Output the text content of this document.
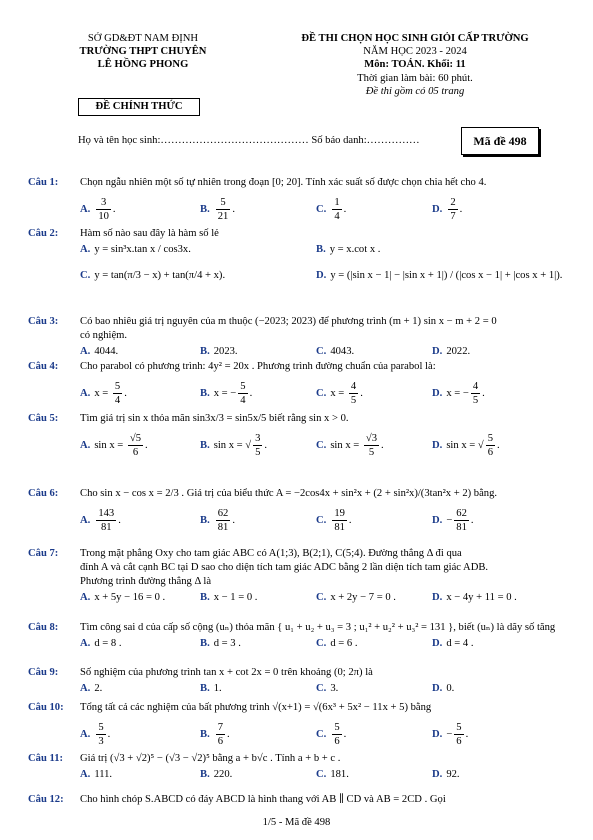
SỞ GD&ĐT NAM ĐỊNH
TRƯỜNG THPT CHUYÊN
LÊ HỒNG PHONG
ĐỀ THI CHỌN HỌC SINH GIỎI CẤP TRƯỜNG
NĂM HỌC 2023 - 2024
Môn: TOÁN. Khối: 11
Thời gian làm bài: 60 phút.
Đề thi gồm có 05 trang
ĐỀ CHÍNH THỨC
Họ và tên học sinh:…………………………………… Số báo danh:……………	Mã đề 498
Câu 1: Chọn ngẫu nhiên một số tự nhiên trong đoạn [0; 20]. Tính xác suất số được chọn chia hết cho 4.
A. $\frac{3}{10}$ .	B. $\frac{5}{21}$ .	C. $\frac{1}{4}$ .	D. $\frac{2}{7}$ .
Câu 2: Hàm số nào sau đây là hàm số lẻ
A. y = sin³x.tan x / cos3x.	B. y = x.cot x .
C. y = tan(π/3 − x) + tan(π/4 + x).	D. y = (|sin x − 1| − |sin x + 1|) / (|cos x − 1| + |cos x + 1|).
Câu 3: Có bao nhiêu giá trị nguyên của m thuộc (−2023; 2023) để phương trình (m + 1) sin x − m + 2 = 0
có nghiệm.
A. 4044.	B. 2023.	C. 4043.	D. 2022.
Câu 4: Cho parabol có phương trình: 4y² = 20x . Phương trình đường chuẩn của parabol là:
A. $x = \frac{5}{4}$ .	B. x = − $\frac{5}{4}$ .	C. $x = \frac{4}{5}$ .	D. x = − $\frac{4}{5}$ .
Câu 5: Tìm giá trị sin x thỏa mãn sin3x/3 = sin5x/5 biết rằng sin x > 0.
A. $\sin x = \frac{√5}{6}$ .	B. sin x = √ $\frac{3}{5}$ .	C. $\sin x = \frac{√3}{5}$ .	D. sin x = √ $\frac{5}{6}$ .
Câu 6: Cho sin x − cos x = 2/3 . Giá trị của biểu thức A = −2cos4x + sin²x + (2 + sin²x)/(3tan²x + 2) bằng.
A. $\frac{143}{81}$ .	B. $\frac{62}{81}$ .	C. $\frac{19}{81}$ .	D. − $\frac{62}{81}$ .
Câu 7: Trong mặt phẳng Oxy cho tam giác ABC có A(1;3), B(2;1), C(5;4). Đường thẳng Δ đi qua
đỉnh A và cắt cạnh BC tại D sao cho diện tích tam giác ADC bằng 2 lần diện tích tam giác ADB.
Phương trình đường thẳng Δ là
A. x + 5y − 16 = 0 .	B. x − 1 = 0 .	C. x + 2y − 7 = 0 .	D. x − 4y + 11 = 0 .
Câu 8: Tìm công sai d của cấp số cộng (uₙ) thỏa mãn { u₁ + u₂ + u₃ = 3 ; u₁² + u₂² + u₃² = 131 }, biết (uₙ) là dãy số tăng
A. d = 8 .	B. d = 3 .	C. d = 6 .	D. d = 4 .
Câu 9: Số nghiệm của phương trình tan x + cot 2x = 0 trên khoảng (0; 2π) là
A. 2.	B. 1.	C. 3.	D. 0.
Câu 10: Tổng tất cả các nghiệm của bất phương trình √(x+1) = √(6x³ + 5x² − 11x + 5) bằng
A. $\frac{5}{3}$ .	B. $\frac{7}{6}$ .	C. $\frac{5}{6}$ .	D. − $\frac{5}{6}$ .
Câu 11: Giá trị (√3 + √2)⁵ − (√3 − √2)⁵ bằng a + b√c . Tính a + b + c .
A. 111.	B. 220.	C. 181.	D. 92.
Câu 12: Cho hình chóp S.ABCD có đáy ABCD là hình thang với AB ∥ CD và AB = 2CD . Gọi
1/5 - Mã đề 498
